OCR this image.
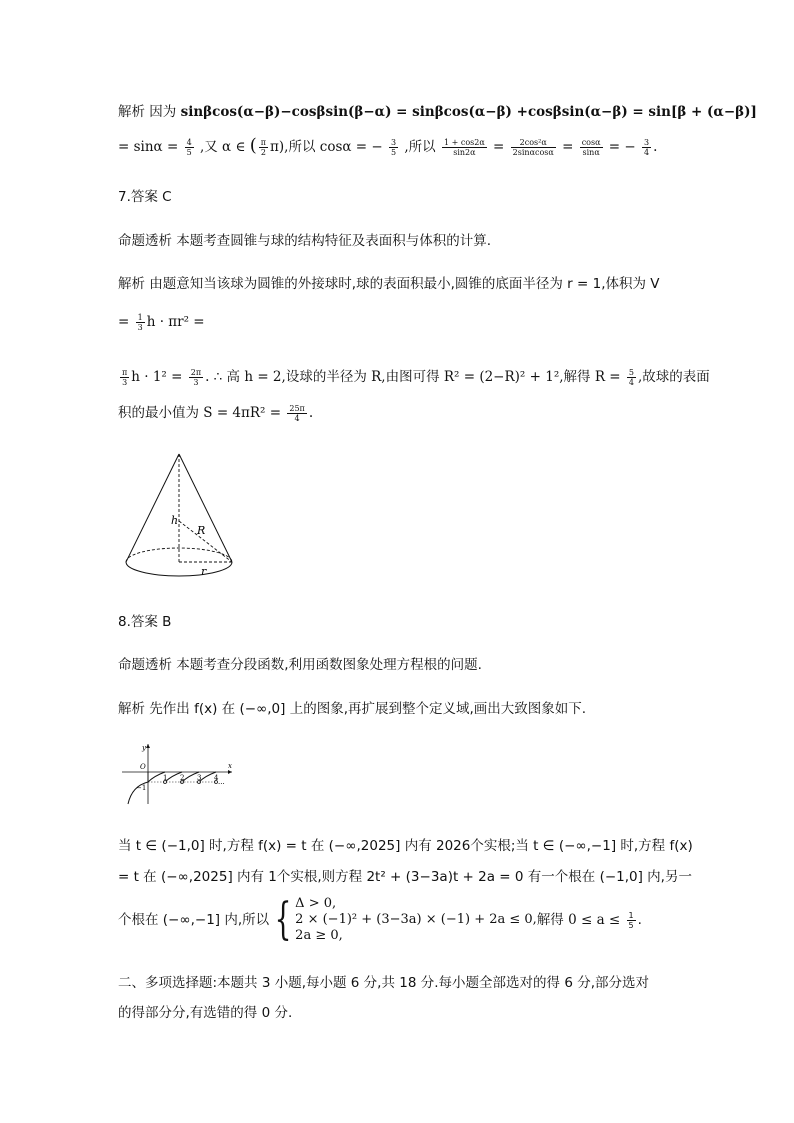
解析 因为 sinβcos(α−β)−cosβsin(β−α) = sinβcos(α−β) +cosβsin(α−β) = sin[β + (α−β)]
= $\sin\alpha = \frac{4}{5}$ ,又 α ∈ ( $\frac{\pi}{2} \pi$),所以 cosα = − $\frac{3}{5}$ ,所以 $\frac{1 + \cos 2\alpha}{\sin 2\alpha} = \frac{\text{2cos²α}}{2\sin\alpha\cos\alpha} = \frac{\cos\alpha}{\sin\alpha}$ = − $\frac{3}{4}$ .
7.答案 C
命题透析 本题考查圆锥与球的结构特征及表面积与体积的计算.
解析 由题意知当该球为圆锥的外接球时,球的表面积最小,圆锥的底面半径为 r = 1,体积为 V
= $\frac{1}{3}$ h · πr² =
$\frac{\pi}{3}$ $h \cdot 1^2 = \frac{2\pi}{3}$ . ∴ 高 h = 2,设球的半径为 R,由图可得 R² = (2−R)² + 1²,解得 $R = \frac{5}{4}$ ,故球的表面
积的最小值为 $S = 4\pi R^2 = \frac{25\pi}{4}$ .
h
R
r
8.答案 B
命题透析 本题考查分段函数,利用函数图象处理方程根的问题.
解析 先作出 f(x) 在 (−∞,0] 上的图象,再扩展到整个定义域,画出大致图象如下.
y
x
O
−1
1 2 3 4
···
当 t ∈ (−1,0] 时,方程 f(x) = t 在 (−∞,2025] 内有 2026个实根;当 t ∈ (−∞,−1] 时,方程 f(x)
= t 在 (−∞,2025] 内有 1个实根,则方程 2t² + (3−3a)t + 2a = 0 有一个根在 (−1,0] 内,另一
个根在 (−∞,−1] 内,所以 { Δ > 0,
2 × (−1)² + (3−3a) × (−1) + 2a ≤ 0,
2a ≥ 0,
解得 $0 \le a \le \frac{1}{5}$ .
二、多项选择题:本题共 3 小题,每小题 6 分,共 18 分.每小题全部选对的得 6 分,部分选对
的得部分分,有选错的得 0 分.
